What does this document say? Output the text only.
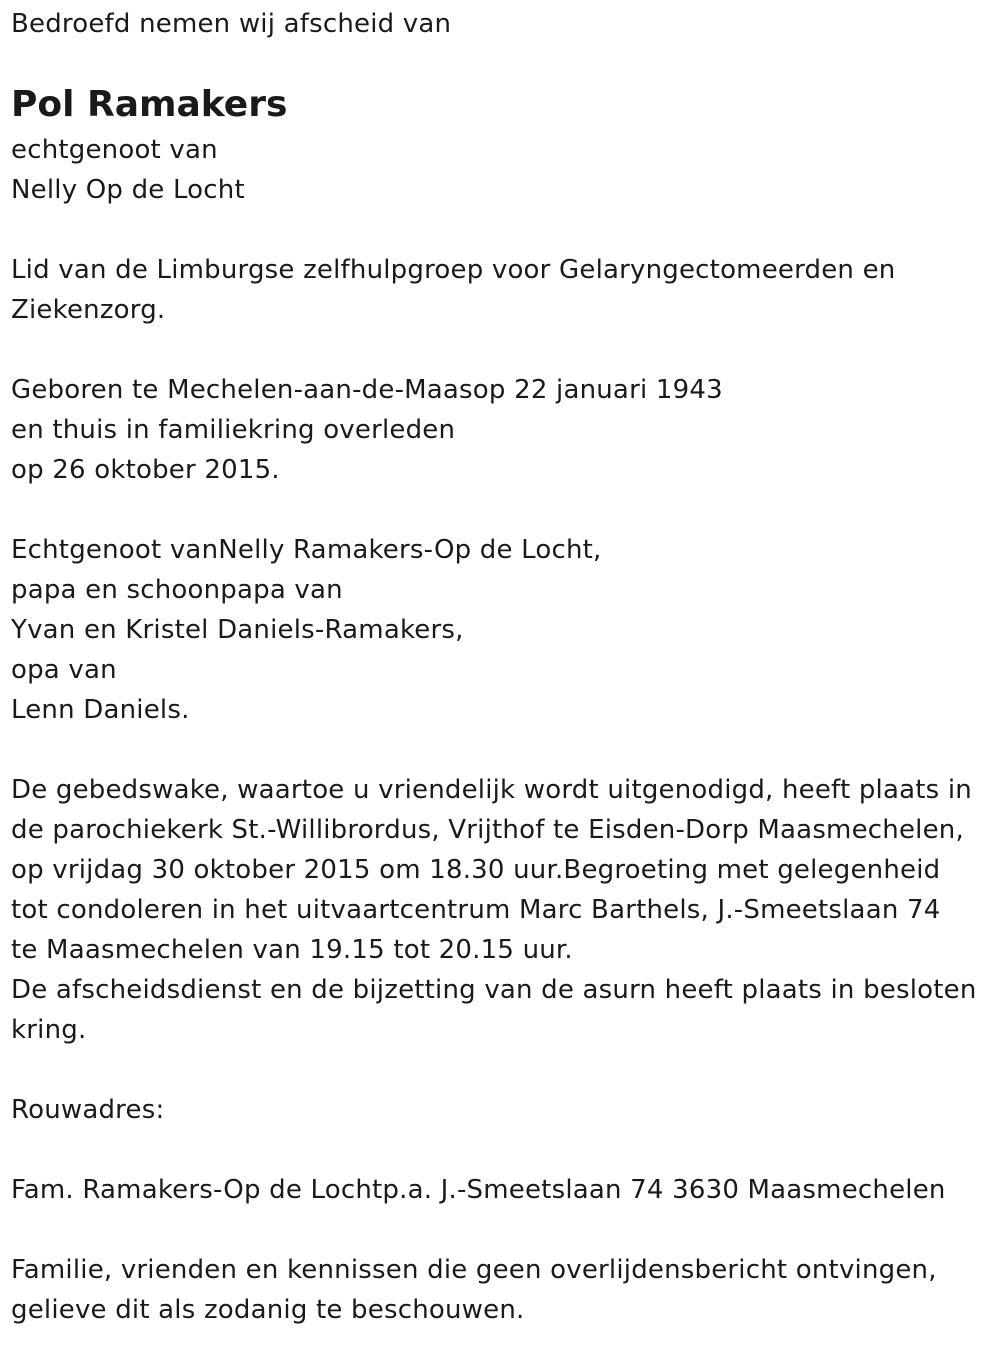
Bedroefd nemen wij afscheid van
Pol Ramakers
echtgenoot van
Nelly Op de Locht
Lid van de Limburgse zelfhulpgroep voor Gelaryngectomeerden en
Ziekenzorg.
Geboren te Mechelen-aan-de-Maasop 22 januari 1943
en thuis in familiekring overleden
op 26 oktober 2015.
Echtgenoot vanNelly Ramakers-Op de Locht,
papa en schoonpapa van
Yvan en Kristel Daniels-Ramakers,
opa van
Lenn Daniels.
De gebedswake, waartoe u vriendelijk wordt uitgenodigd, heeft plaats in
de parochiekerk St.-Willibrordus, Vrijthof te Eisden-Dorp Maasmechelen,
op vrijdag 30 oktober 2015 om 18.30 uur.Begroeting met gelegenheid
tot condoleren in het uitvaartcentrum Marc Barthels, J.-Smeetslaan 74
te Maasmechelen van 19.15 tot 20.15 uur.
De afscheidsdienst en de bijzetting van de asurn heeft plaats in besloten
kring.
Rouwadres:
Fam. Ramakers-Op de Lochtp.a. J.-Smeetslaan 74 3630 Maasmechelen
Familie, vrienden en kennissen die geen overlijdensbericht ontvingen,
gelieve dit als zodanig te beschouwen.
